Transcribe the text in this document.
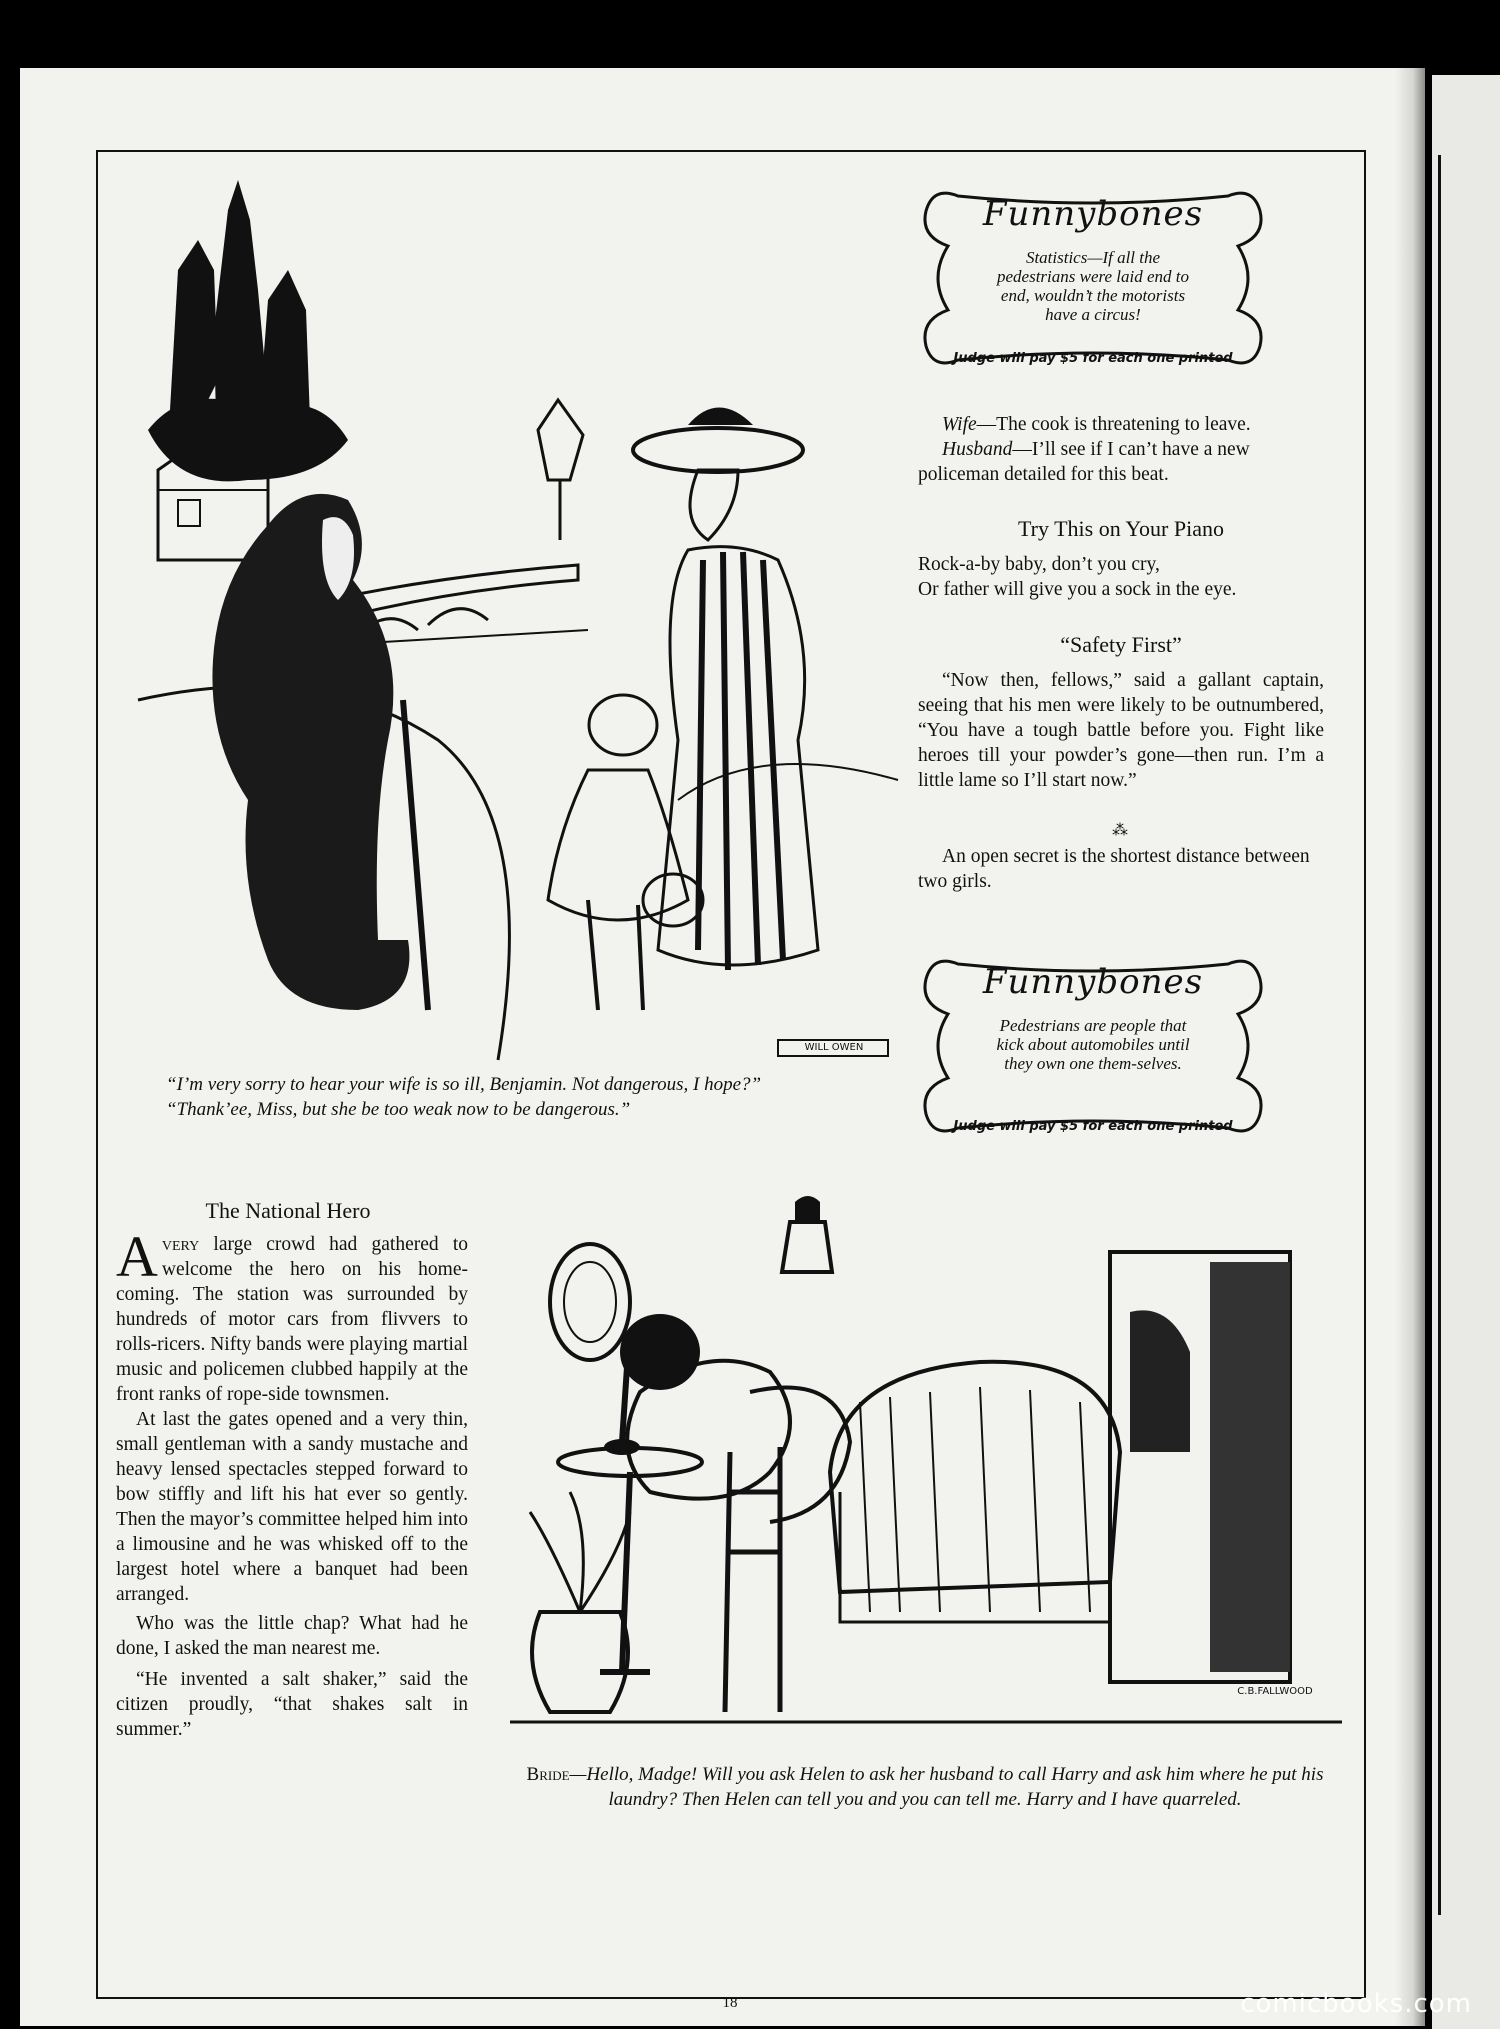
WILL OWEN
“I’m very sorry to hear your wife is so ill, Benjamin. Not dangerous, I hope?”
“Thank’ee, Miss, but she be too weak now to be dangerous.”
Funnybones
Statistics—If all the pedestrians were laid end to end, wouldn’t the motorists have a circus!
Judge will pay $5 for each one printed
Wife—The cook is threatening to leave.
Husband—I’ll see if I can’t have a new policeman detailed for this beat.
Try This on Your Piano
Rock-a-by baby, don’t you cry,
Or father will give you a sock in the eye.
“Safety First”
“Now then, fellows,” said a gallant captain, seeing that his men were likely to be outnumbered, “You have a tough battle before you. Fight like heroes till your powder’s gone—then run. I’m a little lame so I’ll start now.”
⁂
An open secret is the shortest distance between two girls.
Funnybones
Pedestrians are people that kick about automobiles until they own one them-selves.
Judge will pay $5 for each one printed
The National Hero
Avery large crowd had gathered to welcome the hero on his home-coming. The station was surrounded by hundreds of motor cars from flivvers to rolls-ricers. Nifty bands were playing martial music and policemen clubbed happily at the front ranks of rope-side townsmen.
At last the gates opened and a very thin, small gentleman with a sandy mustache and heavy lensed spectacles stepped forward to bow stiffly and lift his hat ever so gently. Then the mayor’s committee helped him into a limousine and he was whisked off to the largest hotel where a banquet had been arranged.
Who was the little chap? What had he done, I asked the man nearest me.
“He invented a salt shaker,” said the citizen proudly, “that shakes salt in summer.”
C.B.FALLWOOD
Bride—Hello, Madge! Will you ask Helen to ask her husband to call Harry and ask him where he put his laundry? Then Helen can tell you and you can tell me. Harry and I have quarreled.
18	comicbooks.com
